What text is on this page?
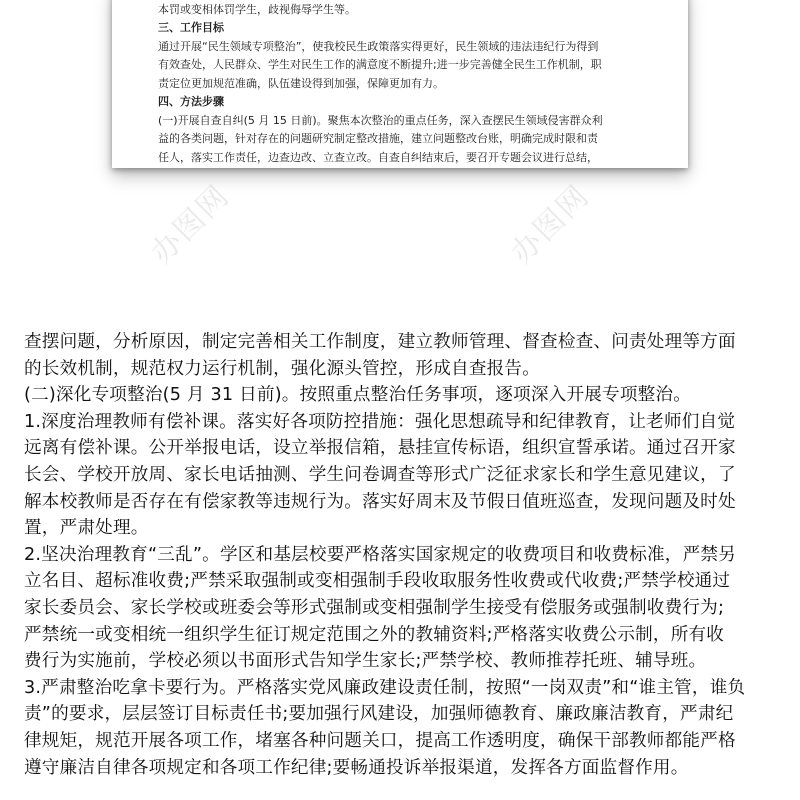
本罚或变相体罚学生，歧视侮辱学生等。
三、工作目标
通过开展“民生领域专项整治”，使我校民生政策落实得更好，民生领域的违法违纪行为得到
有效查处，人民群众、学生对民生工作的满意度不断提升;进一步完善健全民生工作机制，职
责定位更加规范准确，队伍建设得到加强，保障更加有力。
四、方法步骤
(一)开展自查自纠(5 月 15 日前)。聚焦本次整治的重点任务，深入查摆民生领域侵害群众利
益的各类问题，针对存在的问题研究制定整改措施，建立问题整改台账，明确完成时限和责
任人，落实工作责任，边查边改、立查立改。自查自纠结束后，要召开专题会议进行总结，
办图网	办图网
查摆问题，分析原因，制定完善相关工作制度，建立教师管理、督查检查、问责处理等方面
的长效机制，规范权力运行机制，强化源头管控，形成自查报告。
(二)深化专项整治(5 月 31 日前)。按照重点整治任务事项，逐项深入开展专项整治。
1.深度治理教师有偿补课。落实好各项防控措施：强化思想疏导和纪律教育，让老师们自觉
远离有偿补课。公开举报电话，设立举报信箱，悬挂宣传标语，组织宣誓承诺。通过召开家
长会、学校开放周、家长电话抽测、学生问卷调查等形式广泛征求家长和学生意见建议，了
解本校教师是否存在有偿家教等违规行为。落实好周末及节假日值班巡查，发现问题及时处
置，严肃处理。
2.坚决治理教育“三乱”。学区和基层校要严格落实国家规定的收费项目和收费标准，严禁另
立名目、超标准收费;严禁采取强制或变相强制手段收取服务性收费或代收费;严禁学校通过
家长委员会、家长学校或班委会等形式强制或变相强制学生接受有偿服务或强制收费行为;
严禁统一或变相统一组织学生征订规定范围之外的教辅资料;严格落实收费公示制，所有收
费行为实施前，学校必须以书面形式告知学生家长;严禁学校、教师推荐托班、辅导班。
3.严肃整治吃拿卡要行为。严格落实党风廉政建设责任制，按照“一岗双责”和“谁主管，谁负
责”的要求，层层签订目标责任书;要加强行风建设，加强师德教育、廉政廉洁教育，严肃纪
律规矩，规范开展各项工作，堵塞各种问题关口，提高工作透明度，确保干部教师都能严格
遵守廉洁自律各项规定和各项工作纪律;要畅通投诉举报渠道，发挥各方面监督作用。
